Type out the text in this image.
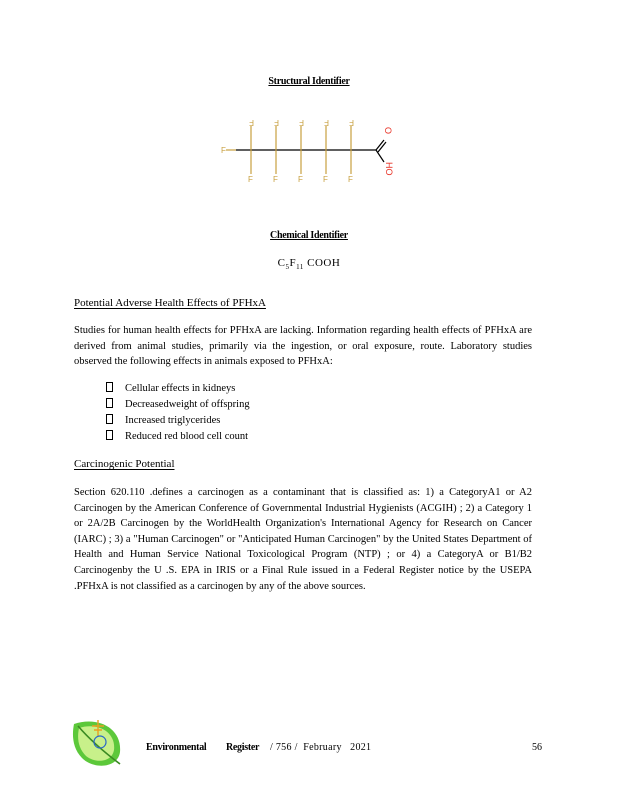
Structural Identifier
F
F
F
F
F
F
F
F
F
F
F
O
HO
Chemical Identifier
$C_5F_{11}$ COOH
Potential Adverse Health Effects of PFHxA
Studies for human health effects for PFHxA are lacking. Information regarding health effects of PFHxA are derived from animal studies, primarily via the ingestion, or oral exposure, route. Laboratory studies observed the following effects in animals exposed to PFHxA:
Cellular effects in kidneys
Decreasedweight of offspring
Increased triglycerides
Reduced red blood cell count
Carcinogenic Potential
Section 620.110 .defines a carcinogen as a contaminant that is classified as: 1) a CategoryA1 or A2 Carcinogen by the American Conference of Governmental Industrial Hygienists (ACGIH) ; 2) a Category 1 or 2A/2B Carcinogen by the WorldHealth Organization's International Agency for Research on Cancer (IARC) ; 3) a "Human Carcinogen" or "Anticipated Human Carcinogen" by the United States Department of Health and Human Service National Toxicological Program (NTP) ; or 4) a CategoryA or B1/B2 Carcinogenby the U .S. EPA in IRIS or a Final Rule issued in a Federal Register notice by the USEPA .PFHxA is not classified as a carcinogen by any of the above sources.
Environmental Register / 756 /  February   2021	56
